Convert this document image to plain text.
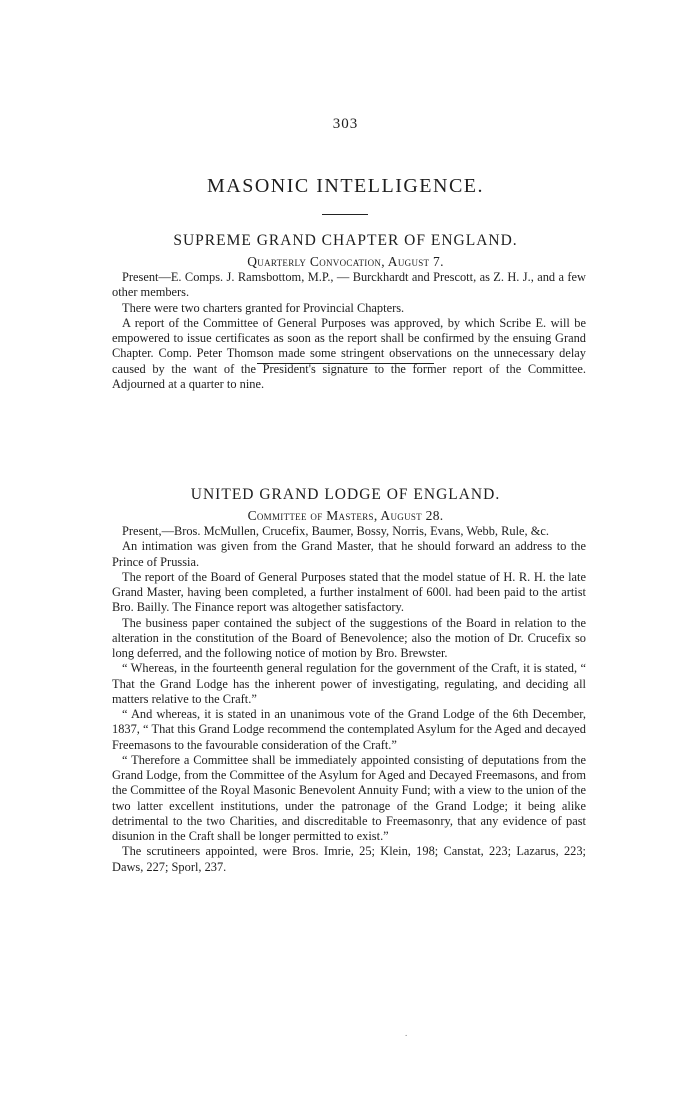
303
MASONIC INTELLIGENCE.
SUPREME GRAND CHAPTER OF ENGLAND.
Quarterly Convocation, August 7.

Present—E. Comps. J. Ramsbottom, M.P., — Burckhardt and Prescott, as Z. H. J., and a few other members.

There were two charters granted for Provincial Chapters.

A report of the Committee of General Purposes was approved, by which Scribe E. will be empowered to issue certificates as soon as the report shall be confirmed by the ensuing Grand Chapter. Comp. Peter Thomson made some stringent observations on the unnecessary delay caused by the want of the President's signature to the former report of the Committee. Adjourned at a quarter to nine.

UNITED GRAND LODGE OF ENGLAND.
Committee of Masters, August 28.

Present,—Bros. McMullen, Crucefix, Baumer, Bossy, Norris, Evans, Webb, Rule, &c.

An intimation was given from the Grand Master, that he should forward an address to the Prince of Prussia.

The report of the Board of General Purposes stated that the model statue of H. R. H. the late Grand Master, having been completed, a further instalment of 600l. had been paid to the artist Bro. Bailly. The Finance report was altogether satisfactory.

The business paper contained the subject of the suggestions of the Board in relation to the alteration in the constitution of the Board of Benevolence; also the motion of Dr. Crucefix so long deferred, and the following notice of motion by Bro. Brewster.

“ Whereas, in the fourteenth general regulation for the government of the Craft, it is stated, “ That the Grand Lodge has the inherent power of investigating, regulating, and deciding all matters relative to the Craft.”

“ And whereas, it is stated in an unanimous vote of the Grand Lodge of the 6th December, 1837, “ That this Grand Lodge recommend the contemplated Asylum for the Aged and decayed Freemasons to the favourable consideration of the Craft.”

“ Therefore a Committee shall be immediately appointed consisting of deputations from the Grand Lodge, from the Committee of the Asylum for Aged and Decayed Freemasons, and from the Committee of the Royal Masonic Benevolent Annuity Fund; with a view to the union of the two latter excellent institutions, under the patronage of the Grand Lodge; it being alike detrimental to the two Charities, and discreditable to Freemasonry, that any evidence of past disunion in the Craft shall be longer permitted to exist.”

The scrutineers appointed, were Bros. Imrie, 25; Klein, 198; Canstat, 223; Lazarus, 223; Daws, 227; Sporl, 237.

.
